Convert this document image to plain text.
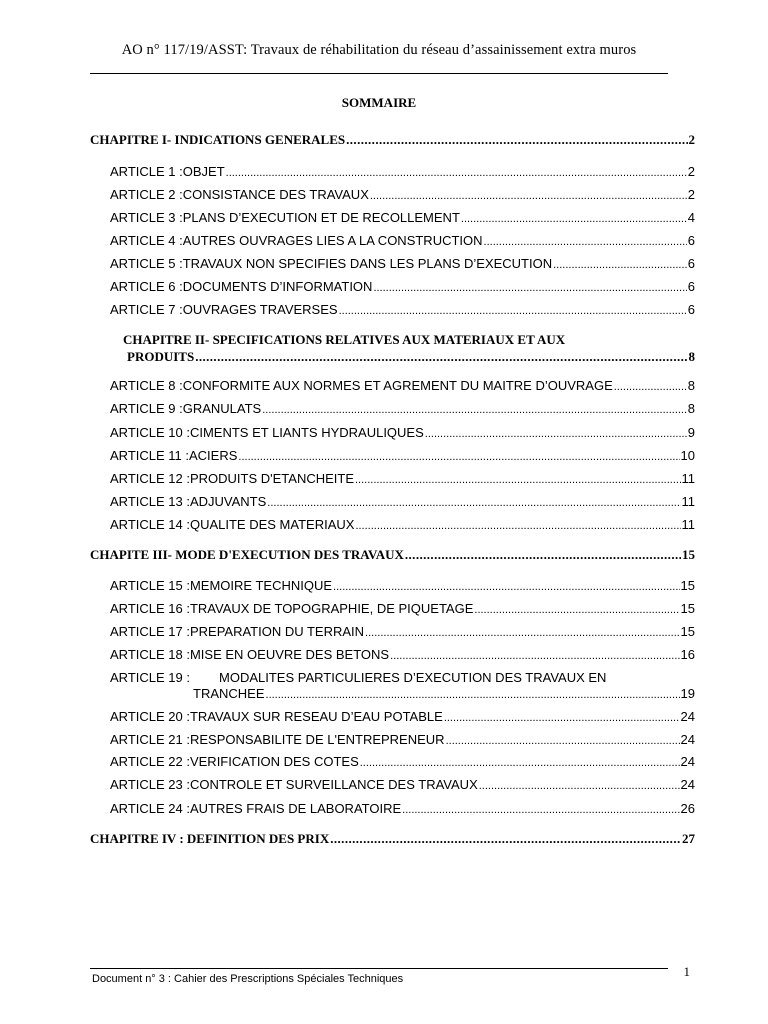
AO n° 117/19/ASST: Travaux de réhabilitation du réseau d’assainissement extra muros
SOMMAIRE
CHAPITRE I- INDICATIONS GENERALES .....	2
ARTICLE 1 : OBJET .....	2
ARTICLE 2 : CONSISTANCE DES TRAVAUX .....	2
ARTICLE 3 : PLANS D’EXECUTION ET DE RECOLLEMENT .....	4
ARTICLE 4 : AUTRES OUVRAGES LIES A LA CONSTRUCTION .....	6
ARTICLE 5 : TRAVAUX NON SPECIFIES DANS LES PLANS D’EXECUTION .....	6
ARTICLE 6 : DOCUMENTS D’INFORMATION .....	6
ARTICLE 7 : OUVRAGES TRAVERSES .....	6
CHAPITRE II- SPECIFICATIONS RELATIVES AUX MATERIAUX ET AUX
PRODUITS .....	8
ARTICLE 8 : CONFORMITE AUX NORMES ET AGREMENT DU MAITRE D’OUVRAGE .....	8
ARTICLE 9 : GRANULATS .....	8
ARTICLE 10 : CIMENTS ET LIANTS HYDRAULIQUES .....	9
ARTICLE 11 : ACIERS .....	10
ARTICLE 12 : PRODUITS D'ETANCHEITE .....	11
ARTICLE 13 : ADJUVANTS .....	11
ARTICLE 14 : QUALITE DES MATERIAUX .....	11
CHAPITE III- MODE D'EXECUTION DES TRAVAUX .....	15
ARTICLE 15 : MEMOIRE TECHNIQUE .....	15
ARTICLE 16 : TRAVAUX DE TOPOGRAPHIE, DE PIQUETAGE .....	15
ARTICLE 17 : PREPARATION DU TERRAIN .....	15
ARTICLE 18 : MISE EN OEUVRE DES BETONS .....	16
ARTICLE 19 :	MODALITES PARTICULIERES D’EXECUTION DES TRAVAUX EN
TRANCHEE .....	19
ARTICLE 20 : TRAVAUX SUR RESEAU D’EAU POTABLE .....	24
ARTICLE 21 : RESPONSABILITE DE L'ENTREPRENEUR .....	24
ARTICLE 22 : VERIFICATION DES COTES .....	24
ARTICLE 23 : CONTROLE ET SURVEILLANCE DES TRAVAUX .....	24
ARTICLE 24 : AUTRES FRAIS DE LABORATOIRE .....	26
CHAPITRE IV : DEFINITION DES PRIX .....	27
1
Document n° 3 : Cahier des Prescriptions Spéciales Techniques
